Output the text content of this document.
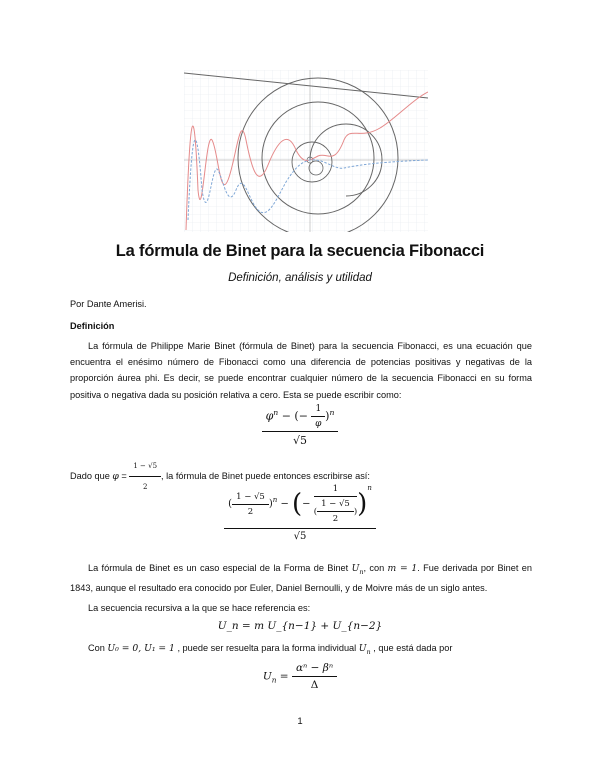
La fórmula de Binet para la secuencia Fibonacci
Definición, análisis y utilidad

Por Dante Amerisi.

Definición

La fórmula de Philippe Marie Binet (fórmula de Binet) para la secuencia Fibonacci, es una ecuación que encuentra el enésimo número de Fibonacci como una diferencia de potencias positivas y negativas de la proporción áurea phi. Es decir, se puede encontrar cualquier número de la secuencia Fibonacci en su forma positiva o negativa dada su posición relativa a cero. Esta se puede escribir como:

$\frac{\varphi^n - (- \frac{1}{\varphi} )^n}{√5}$

Dado que $\varphi = \frac{1 - √5}{2}$ , la fórmula de Binet puede entonces escribirse así:

$\frac{( \frac{1 - √5}{2} )^n - (- \frac{1}{( \frac{1 - √5}{2} )} )^n}{√5}$

La fórmula de Binet es un caso especial de la Forma de Binet $U_n$, con m = 1. Fue derivada por Binet en 1843, aunque el resultado era conocido por Euler, Daniel Bernoulli, y de Moivre más de un siglo antes.

La secuencia recursiva a la que se hace referencia es:

U_n = m U_{n−1} + U_{n−2}

Con U₀ = 0, U₁ = 1 , puede ser resuelta para la forma individual $U_n$ , que está dada por

$U_n = \frac{\text{αⁿ − βⁿ}}{\Delta}$
1
